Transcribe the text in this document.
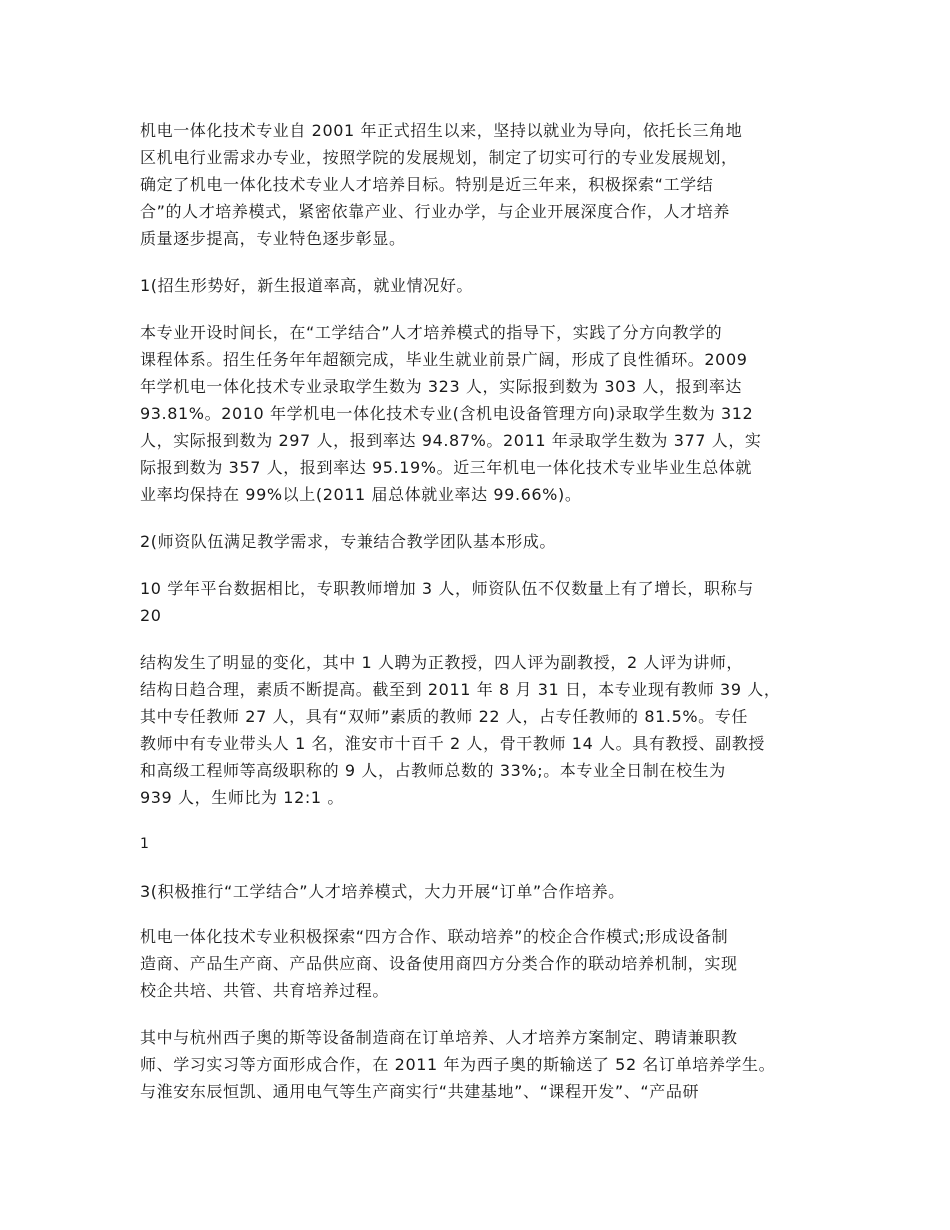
机电一体化技术专业自 2001 年正式招生以来，坚持以就业为导向，依托长三角地
区机电行业需求办专业，按照学院的发展规划，制定了切实可行的专业发展规划，
确定了机电一体化技术专业人才培养目标。特别是近三年来，积极探索“工学结
合”的人才培养模式，紧密依靠产业、行业办学，与企业开展深度合作，人才培养
质量逐步提高，专业特色逐步彰显。
1(招生形势好，新生报道率高，就业情况好。
本专业开设时间长，在“工学结合”人才培养模式的指导下，实践了分方向教学的
课程体系。招生任务年年超额完成，毕业生就业前景广阔，形成了良性循环。2009
年学机电一体化技术专业录取学生数为 323 人，实际报到数为 303 人，报到率达
93.81%。2010 年学机电一体化技术专业(含机电设备管理方向)录取学生数为 312
人，实际报到数为 297 人，报到率达 94.87%。2011 年录取学生数为 377 人，实
际报到数为 357 人，报到率达 95.19%。近三年机电一体化技术专业毕业生总体就
业率均保持在 99%以上(2011 届总体就业率达 99.66%)。
2(师资队伍满足教学需求，专兼结合教学团队基本形成。
10 学年平台数据相比，专职教师增加 3 人，师资队伍不仅数量上有了增长，职称与
20
结构发生了明显的变化，其中 1 人聘为正教授，四人评为副教授，2 人评为讲师，
结构日趋合理，素质不断提高。截至到 2011 年 8 月 31 日，本专业现有教师 39 人，
其中专任教师 27 人，具有“双师”素质的教师 22 人，占专任教师的 81.5%。专任
教师中有专业带头人 1 名，淮安市十百千 2 人，骨干教师 14 人。具有教授、副教授
和高级工程师等高级职称的 9 人，占教师总数的 33%;。本专业全日制在校生为
939 人，生师比为 12:1 。
1
3(积极推行“工学结合”人才培养模式，大力开展“订单”合作培养。
机电一体化技术专业积极探索“四方合作、联动培养”的校企合作模式;形成设备制
造商、产品生产商、产品供应商、设备使用商四方分类合作的联动培养机制，实现
校企共培、共管、共育培养过程。
其中与杭州西子奥的斯等设备制造商在订单培养、人才培养方案制定、聘请兼职教
师、学习实习等方面形成合作，在 2011 年为西子奥的斯输送了 52 名订单培养学生。
与淮安东辰恒凯、通用电气等生产商实行“共建基地”、“课程开发”、“产品研
